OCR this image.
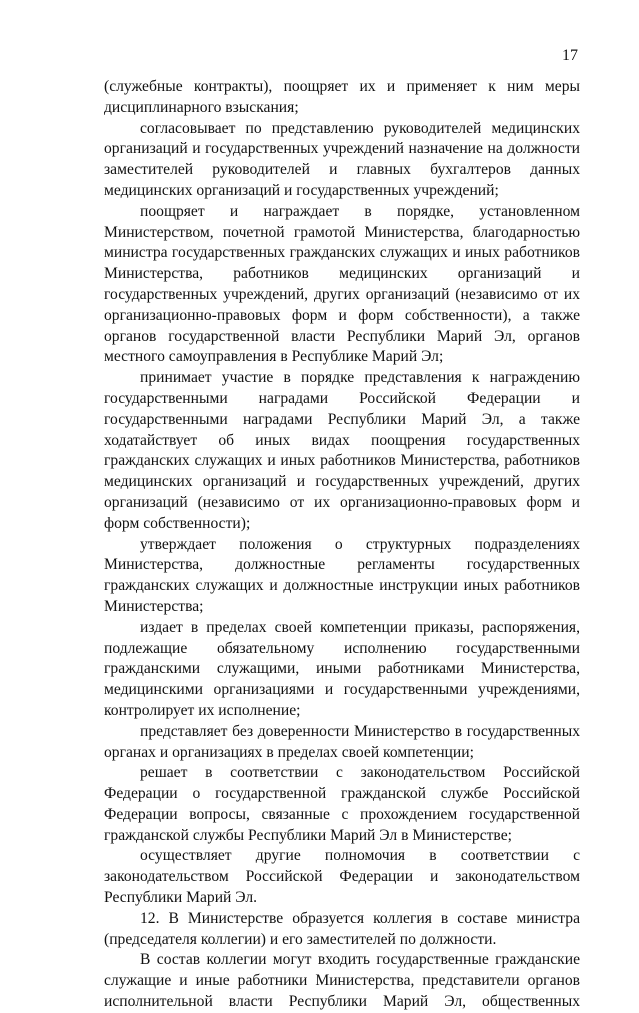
17

(служебные контракты), поощряет их и применяет к ним меры дисциплинарного взыскания;

согласовывает по представлению руководителей медицинских организаций и государственных учреждений назначение на должности заместителей руководителей и главных бухгалтеров данных медицинских организаций и государственных учреждений;

поощряет и награждает в порядке, установленном Министерством, почетной грамотой Министерства, благодарностью министра государственных гражданских служащих и иных работников Министерства, работников медицинских организаций и государственных учреждений, других организаций (независимо от их организационно-правовых форм и форм собственности), а также органов государственной власти Республики Марий Эл, органов местного самоуправления в Республике Марий Эл;

принимает участие в порядке представления к награждению государственными наградами Российской Федерации и государственными наградами Республики Марий Эл, а также ходатайствует об иных видах поощрения государственных гражданских служащих и иных работников Министерства, работников медицинских организаций и государственных учреждений, других организаций (независимо от их организационно-правовых форм и форм собственности);

утверждает положения о структурных подразделениях Министерства, должностные регламенты государственных гражданских служащих и должностные инструкции иных работников Министерства;

издает в пределах своей компетенции приказы, распоряжения, подлежащие обязательному исполнению государственными гражданскими служащими, иными работниками Министерства, медицинскими организациями и государственными учреждениями, контролирует их исполнение;

представляет без доверенности Министерство в государственных органах и организациях в пределах своей компетенции;

решает в соответствии с законодательством Российской Федерации о государственной гражданской службе Российской Федерации вопросы, связанные с прохождением государственной гражданской службы Республики Марий Эл в Министерстве;

осуществляет другие полномочия в соответствии с законодательством Российской Федерации и законодательством Республики Марий Эл.

12. В Министерстве образуется коллегия в составе министра (председателя коллегии) и его заместителей по должности.

В состав коллегии могут входить государственные гражданские служащие и иные работники Министерства, представители органов исполнительной власти Республики Марий Эл, общественных
